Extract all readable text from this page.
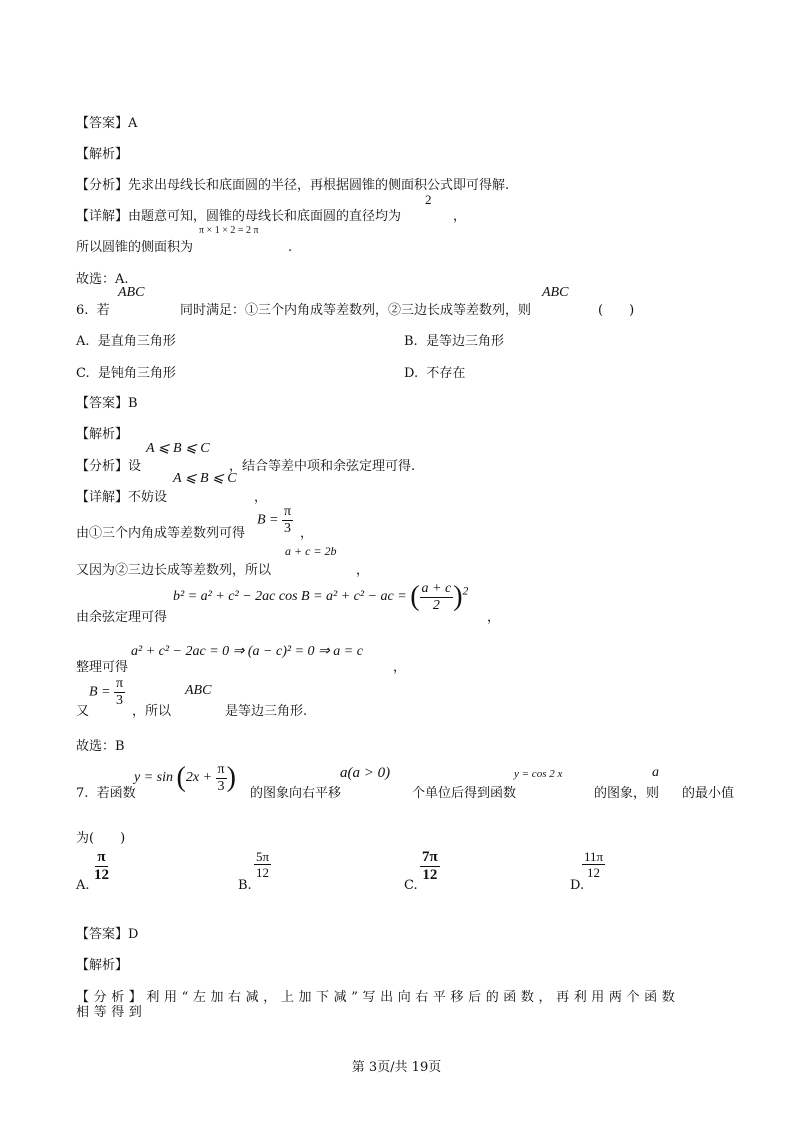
【答案】A
【解析】
【分析】先求出母线长和底面圆的半径，再根据圆锥的侧面积公式即可得解.
【详解】由题意可知，圆锥的母线长和底面圆的直径均为
2
，
π × 1 × 2 = 2 π
所以圆锥的侧面积为	.
故选：A.
ABC	ABC
6. 若	同时满足：①三个内角成等差数列，②三边长成等差数列，则	(　　)
A. 是直角三角形	B. 是等边三角形
C. 是钝角三角形	D. 不存在
【答案】B
【解析】
A ⩽ B ⩽ C
【分析】设	，结合等差中项和余弦定理可得.
A ⩽ B ⩽ C
【详解】不妨设	，
$B = \frac{\pi}{3}$
由①三个内角成等差数列可得	，
a + c = 2b
又因为②三边长成等差数列，所以	，
b² = a² + c² − 2ac cos B = a² + c² − ac = ( $\frac{a + c}{2} )^2$
由余弦定理可得	，
a² + c² − 2ac = 0 ⇒ (a − c)² = 0 ⇒ a = c
整理可得	，
$B = \frac{\pi}{3}$	ABC
又	，所以	是等边三角形.
故选：B
$y = \sin (2x + \frac{\pi}{3}$ )
7. 若函数	的图象向右平移
a(a > 0)
个单位后得到函数
y = cos 2 x
的图象，则
a
的最小值
为(　　)
A.
$\frac{\pi}{12}$
B.
$\frac{5\pi}{12}$
C.
$\frac{7\pi}{12}$
D.
$\frac{11\pi}{12}$
【答案】D
【解析】
【分析】利用“左加右减，上加下减”写出向右平移后的函数，再利用两个函数
相等得到
第 3页/共 19页
